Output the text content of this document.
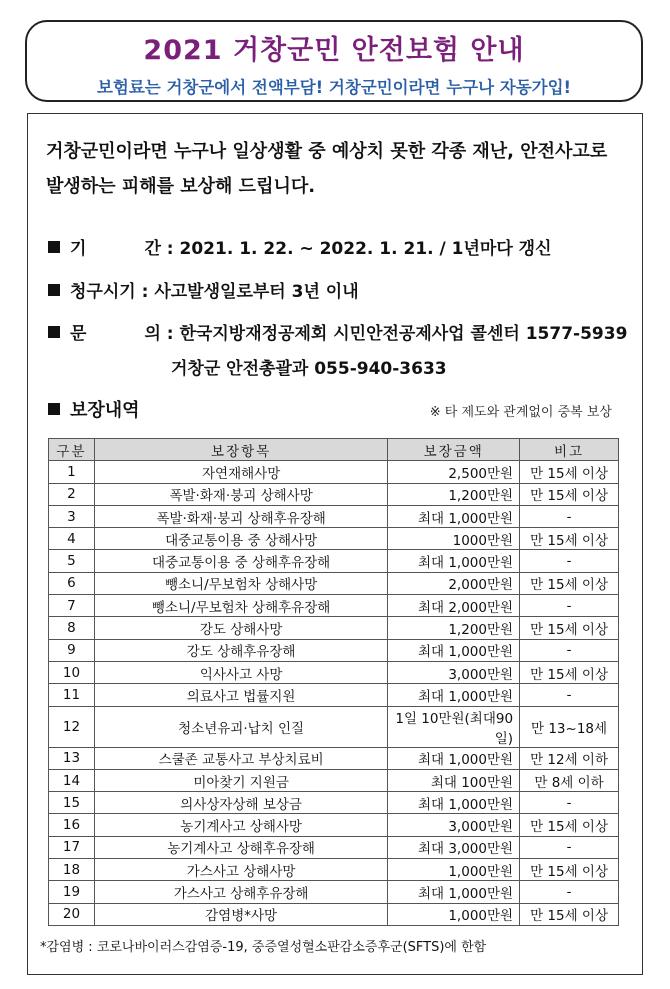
2021 거창군민 안전보험 안내
보험료는 거창군에서 전액부담! 거창군민이라면 누구나 자동가입!
거창군민이라면 누구나 일상생활 중 예상치 못한 각종 재난, 안전사고로 발생하는 피해를 보상해 드립니다.
기	간 : 2021. 1. 22. ~ 2022. 1. 21. / 1년마다 갱신
청구시기 : 사고발생일로부터 3년 이내
문	의 : 한국지방재정공제회 시민안전공제사업 콜센터 1577-5939
거창군 안전총괄과 055-940-3633
보장내역	※ 타 제도와 관계없이 중복 보상
구분	보장항목	보장금액	비고
1	자연재해사망	2,500만원	만 15세 이상
2	폭발·화재·붕괴 상해사망	1,200만원	만 15세 이상
3	폭발·화재·붕괴 상해후유장해	최대 1,000만원	-
4	대중교통이용 중 상해사망	1000만원	만 15세 이상
5	대중교통이용 중 상해후유장해	최대 1,000만원	-
6	뺑소니/무보험차 상해사망	2,000만원	만 15세 이상
7	뺑소니/무보험차 상해후유장해	최대 2,000만원	-
8	강도 상해사망	1,200만원	만 15세 이상
9	강도 상해후유장해	최대 1,000만원	-
10	익사사고 사망	3,000만원	만 15세 이상
11	의료사고 법률지원	최대 1,000만원	-
12	청소년유괴·납치 인질	1일 10만원(최대90일)	만 13~18세
13	스쿨존 교통사고 부상치료비	최대 1,000만원	만 12세 이하
14	미아찾기 지원금	최대 100만원	만 8세 이하
15	의사상자상해 보상금	최대 1,000만원	-
16	농기계사고 상해사망	3,000만원	만 15세 이상
17	농기계사고 상해후유장해	최대 3,000만원	-
18	가스사고 상해사망	1,000만원	만 15세 이상
19	가스사고 상해후유장해	최대 1,000만원	-
20	감염병*사망	1,000만원	만 15세 이상
*감염병 : 코로나바이러스감염증-19, 중증열성혈소판감소증후군(SFTS)에 한함
